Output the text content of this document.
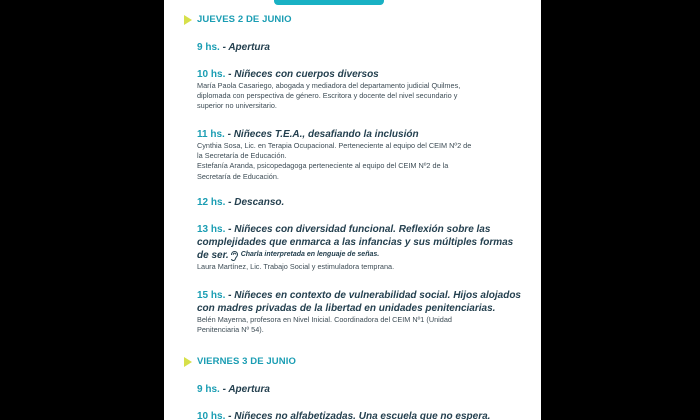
JUEVES 2 DE JUNIO
9 hs. - Apertura
10 hs. - Niñeces con cuerpos diversos
María Paola Casariego, abogada y mediadora del departamento judicial Quilmes,
diplomada con perspectiva de género. Escritora y docente del nivel secundario y
superior no universitario.
11 hs. - Niñeces T.E.A., desafiando la inclusión
Cynthia Sosa, Lic. en Terapia Ocupacional. Perteneciente al equipo del CEIM Nº2 de
la Secretaría de Educación.
Estefanía Aranda, psicopedagoga perteneciente al equipo del CEIM Nº2 de la
Secretaría de Educación.
12 hs. - Descanso.
13 hs. - Niñeces con diversidad funcional. Reflexión sobre las
complejidades que enmarca a las infancias y sus múltiples formas
de ser. Charla interpretada en lenguaje de señas.
Laura Martínez, Lic. Trabajo Social y estimuladora temprana.
15 hs. - Niñeces en contexto de vulnerabilidad social. Hijos alojados
con madres privadas de la libertad en unidades penitenciarias.
Belén Mayerna, profesora en Nivel Inicial. Coordinadora del CEIM Nº1 (Unidad
Penitenciaria Nº 54).
VIERNES 3 DE JUNIO
9 hs. - Apertura
10 hs. - Niñeces no alfabetizadas. Una escuela que no espera.
